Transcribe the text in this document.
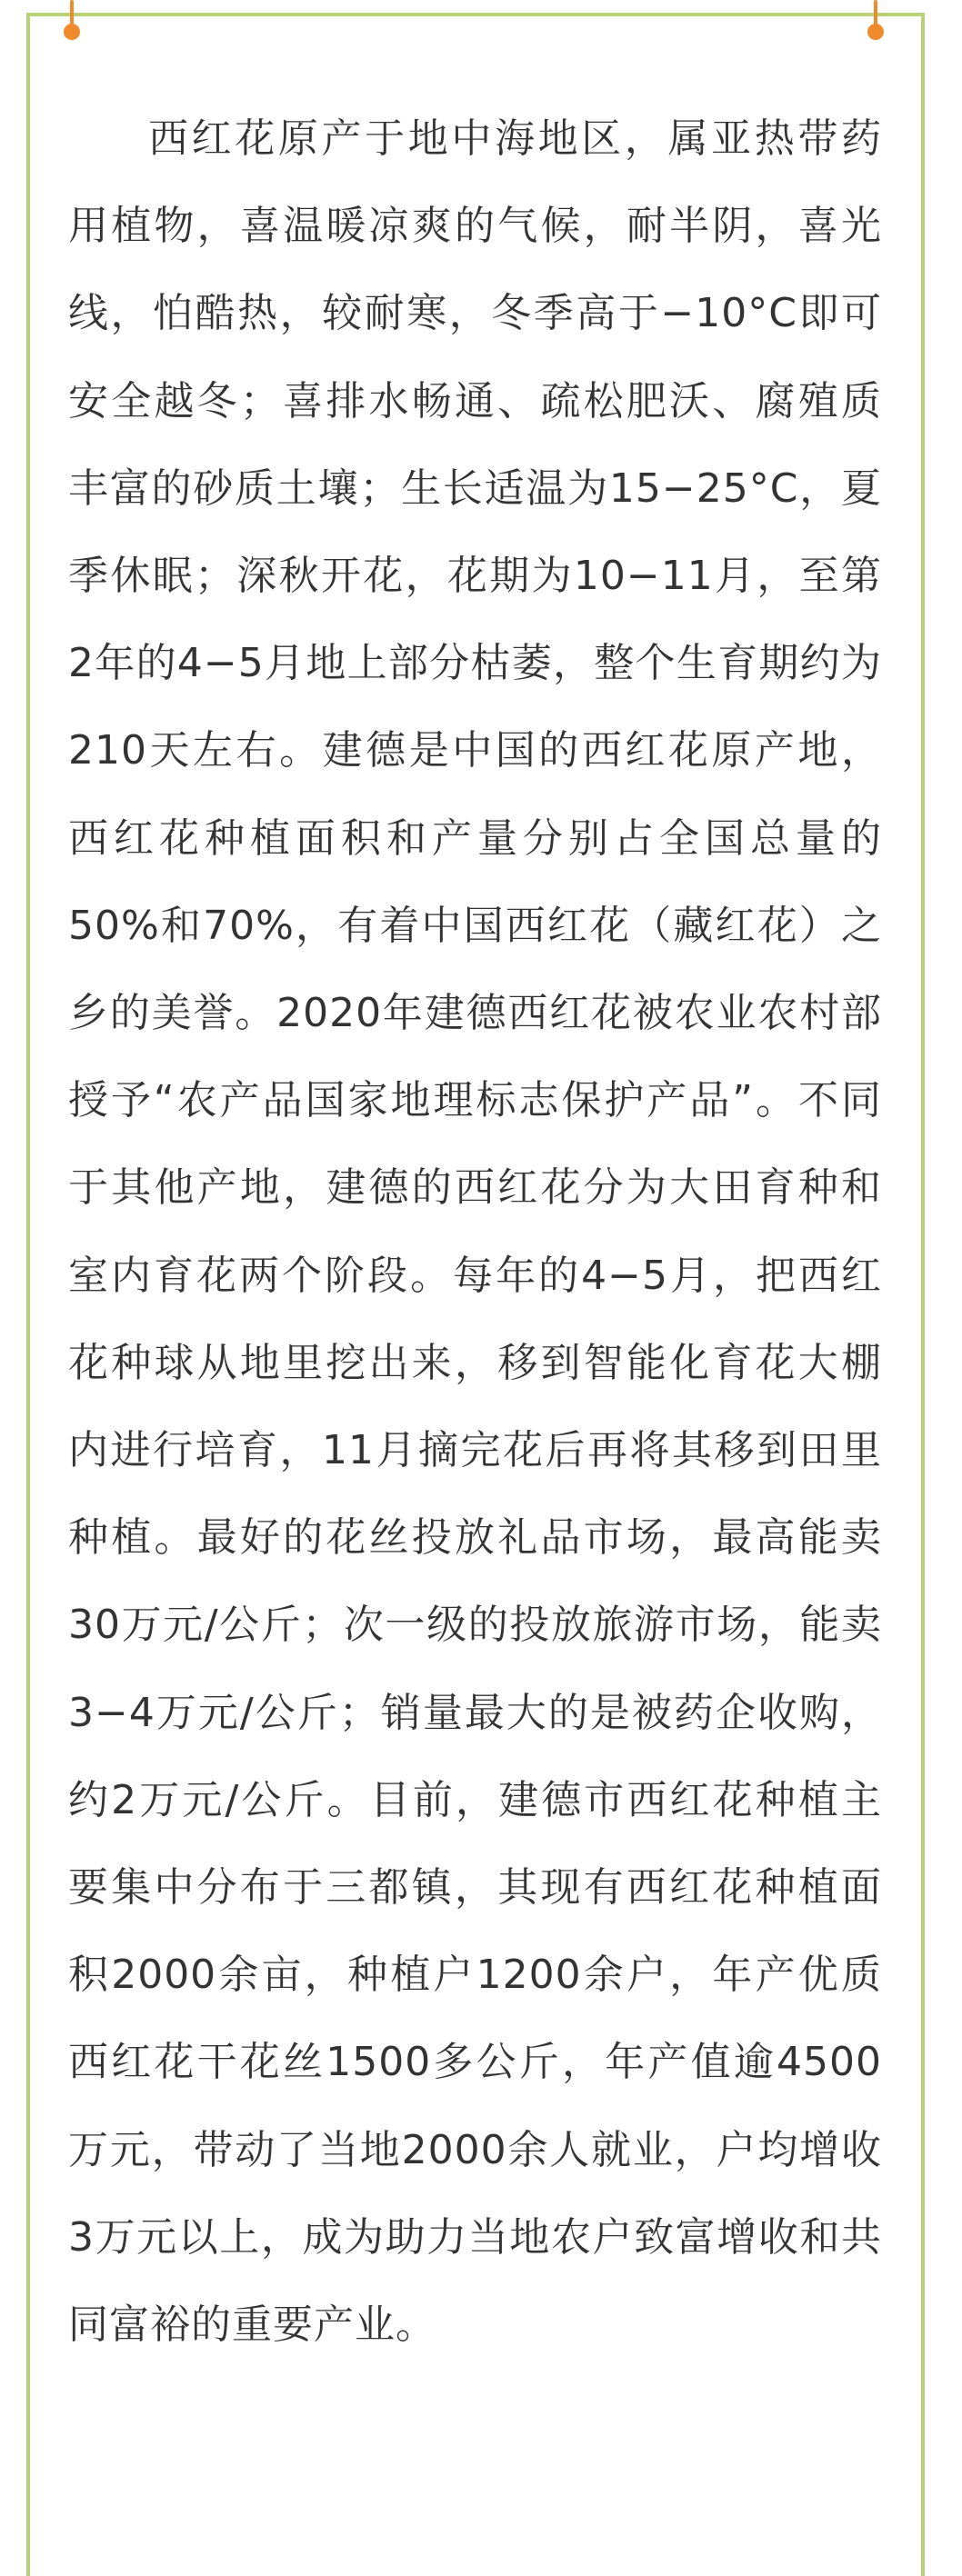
西红花原产于地中海地区，属亚热带药用植物，喜温暖凉爽的气候，耐半阴，喜光线，怕酷热，较耐寒，冬季高于−10°C即可安全越冬；喜排水畅通、疏松肥沃、腐殖质丰富的砂质土壤；生长适温为15−25°C，夏季休眠；深秋开花，花期为10−11月，至第2年的4−5月地上部分枯萎，整个生育期约为210天左右。建德是中国的西红花原产地，西红花种植面积和产量分别占全国总量的50%和70%，有着中国西红花（藏红花）之乡的美誉。2020年建德西红花被农业农村部授予“农产品国家地理标志保护产品”。不同于其他产地，建德的西红花分为大田育种和室内育花两个阶段。每年的4−5月，把西红花种球从地里挖出来，移到智能化育花大棚内进行培育，11月摘完花后再将其移到田里种植。最好的花丝投放礼品市场，最高能卖30万元/公斤；次一级的投放旅游市场，能卖3−4万元/公斤；销量最大的是被药企收购，约2万元/公斤。目前，建德市西红花种植主要集中分布于三都镇，其现有西红花种植面积2000余亩，种植户1200余户，年产优质西红花干花丝1500多公斤，年产值逾4500万元，带动了当地2000余人就业，户均增收3万元以上，成为助力当地农户致富增收和共同富裕的重要产业。
